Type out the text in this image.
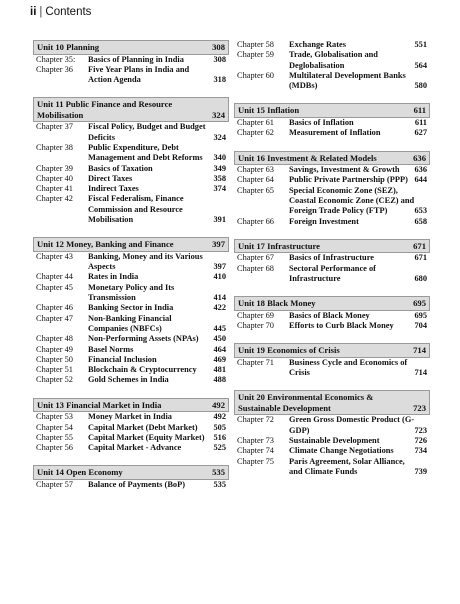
ii | Contents
Unit 10 Planning	308
Chapter 35:	Basics of Planning in India	308
Chapter 36	Five Year Plans in India and Action Agenda	318
Unit 11 Public Finance and Resource Mobilisation	324
Chapter 37	Fiscal Policy, Budget and Budget Deficits	324
Chapter 38	Public Expenditure, Debt Management and Debt Reforms	340
Chapter 39	Basics of Taxation	349
Chapter 40	Direct Taxes	358
Chapter 41	Indirect Taxes	374
Chapter 42	Fiscal Federalism, Finance Commission and Resource Mobilisation	391
Unit 12 Money, Banking and Finance	397
Chapter 43	Banking, Money and its Various Aspects	397
Chapter 44	Rates in India	410
Chapter 45	Monetary Policy and Its Transmission	414
Chapter 46	Banking Sector in India	422
Chapter 47	Non-Banking Financial Companies (NBFCs)	445
Chapter 48	Non-Performing Assets (NPAs)	450
Chapter 49	Basel Norms	464
Chapter 50	Financial Inclusion	469
Chapter 51	Blockchain & Cryptocurrency	481
Chapter 52	Gold Schemes in India	488
Unit 13 Financial Market in India	492
Chapter 53	Money Market in India	492
Chapter 54	Capital Market (Debt Market)	505
Chapter 55	Capital Market (Equity Market)	516
Chapter 56	Capital Market - Advance	525
Unit 14 Open Economy	535
Chapter 57	Balance of Payments (BoP)	535
Chapter 58	Exchange Rates	551
Chapter 59	Trade, Globalisation and Deglobalisation	564
Chapter 60	Multilateral Development Banks (MDBs)	580
Unit 15 Inflation	611
Chapter 61	Basics of Inflation	611
Chapter 62	Measurement of Inflation	627
Unit 16 Investment & Related Models	636
Chapter 63	Savings, Investment & Growth	636
Chapter 64	Public Private Partnership (PPP) 644
Chapter 65	Special Economic Zone (SEZ), Coastal Economic Zone (CEZ) and Foreign Trade Policy (FTP)	653
Chapter 66	Foreign Investment	658
Unit 17 Infrastructure	671
Chapter 67	Basics of Infrastructure	671
Chapter 68	Sectoral Performance of Infrastructure	680
Unit 18 Black Money	695
Chapter 69	Basics of Black Money	695
Chapter 70	Efforts to Curb Black Money	704
Unit 19 Economics of Crisis	714
Chapter 71	Business Cycle and Economics of Crisis	714
Unit 20 Environmental Economics & Sustainable Development	723
Chapter 72	Green Gross Domestic Product (G-GDP)	723
Chapter 73	Sustainable Development	726
Chapter 74	Climate Change Negotiations	734
Chapter 75	Paris Agreement, Solar Alliance, and Climate Funds	739
